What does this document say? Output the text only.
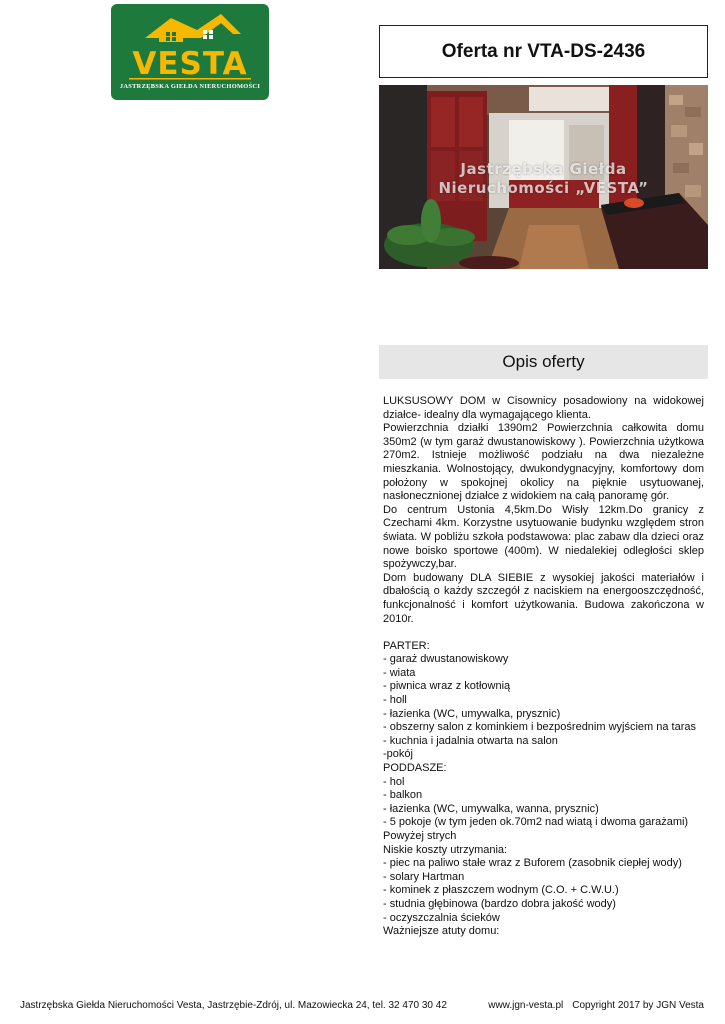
VESTA
JASTRZĘBSKA GIEŁDA NIERUCHOMOŚCI
Oferta nr VTA-DS-2436
Jastrzębska Giełda
Nieruchomości „VESTA”
Opis oferty

LUKSUSOWY DOM w Cisownicy posadowiony na widokowej działce- idealny dla wymagającego klienta.

Powierzchnia działki 1390m2 Powierzchnia całkowita domu 350m2 (w tym garaż dwustanowiskowy ). Powierzchnia użytkowa 270m2. Istnieje możliwość podziału na dwa niezależne mieszkania. Wolnostojący, dwukondygnacyjny, komfortowy dom położony w spokojnej okolicy na pięknie usytuowanej, nasłonecznionej działce z widokiem na całą panoramę gór.

Do centrum Ustonia 4,5km.Do Wisły 12km.Do granicy z Czechami 4km. Korzystne usytuowanie budynku względem stron świata. W pobliżu szkoła podstawowa: plac zabaw dla dzieci oraz nowe boisko sportowe (400m). W niedalekiej odległości sklep spożywczy,bar.

Dom budowany DLA SIEBIE z wysokiej jakości materiałów i dbałością o każdy szczegół z naciskiem na energooszczędność, funkcjonalność i komfort użytkowania. Budowa zakończona w 2010r.

PARTER:
- garaż dwustanowiskowy
- wiata
- piwnica wraz z kotłownią
- holl
- łazienka (WC, umywalka, prysznic)
- obszerny salon z kominkiem i bezpośrednim wyjściem na taras
- kuchnia i jadalnia otwarta na salon
-pokój
PODDASZE:
- hol
- balkon
- łazienka (WC, umywalka, wanna, prysznic)
- 5 pokoje (w tym jeden ok.70m2 nad wiatą i dwoma garażami)
Powyżej strych
Niskie koszty utrzymania:
- piec na paliwo stałe wraz z Buforem (zasobnik ciepłej wody)
- solary Hartman
- kominek z płaszczem wodnym (C.O. + C.W.U.)
- studnia głębinowa (bardzo dobra jakość wody)
- oczyszczalnia ścieków
Ważniejsze atuty domu:
Jastrzębska Giełda Nieruchomości Vesta, Jastrzębie-Zdrój, ul. Mazowiecka 24, tel. 32 470 30 42	www.jgn-vesta.pl Copyright 2017 by JGN Vesta
